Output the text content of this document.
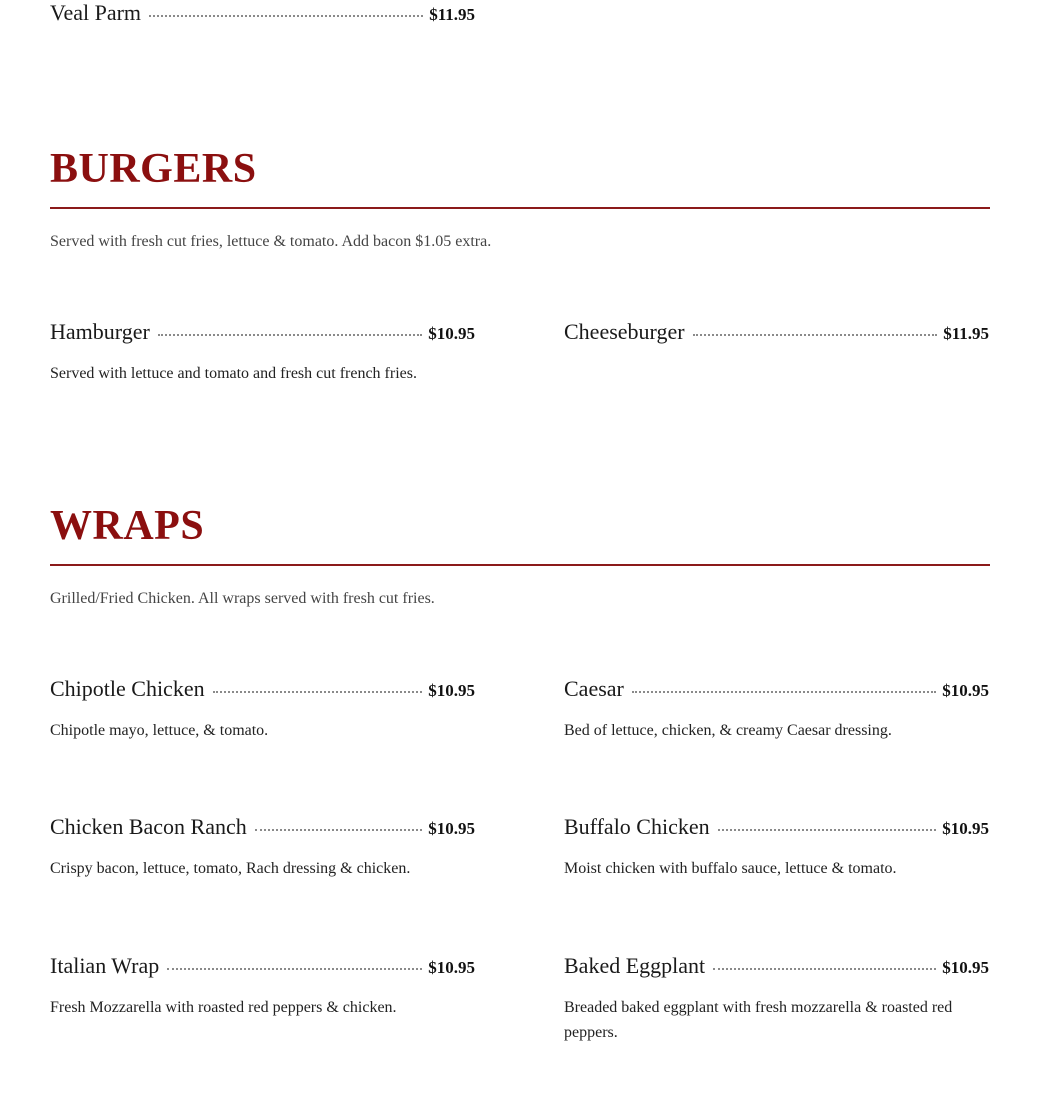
Veal Parm	$11.95
BURGERS
Served with fresh cut fries, lettuce & tomato. Add bacon $1.05 extra.
Hamburger	$10.95
Served with lettuce and tomato and fresh cut french fries.
Cheeseburger	$11.95
WRAPS
Grilled/Fried Chicken. All wraps served with fresh cut fries.
Chipotle Chicken	$10.95
Chipotle mayo, lettuce, & tomato.
Caesar	$10.95
Bed of lettuce, chicken, & creamy Caesar dressing.
Chicken Bacon Ranch	$10.95
Crispy bacon, lettuce, tomato, Rach dressing & chicken.
Buffalo Chicken	$10.95
Moist chicken with buffalo sauce, lettuce & tomato.
Italian Wrap	$10.95
Fresh Mozzarella with roasted red peppers & chicken.
Baked Eggplant	$10.95
Breaded baked eggplant with fresh mozzarella & roasted red peppers.
